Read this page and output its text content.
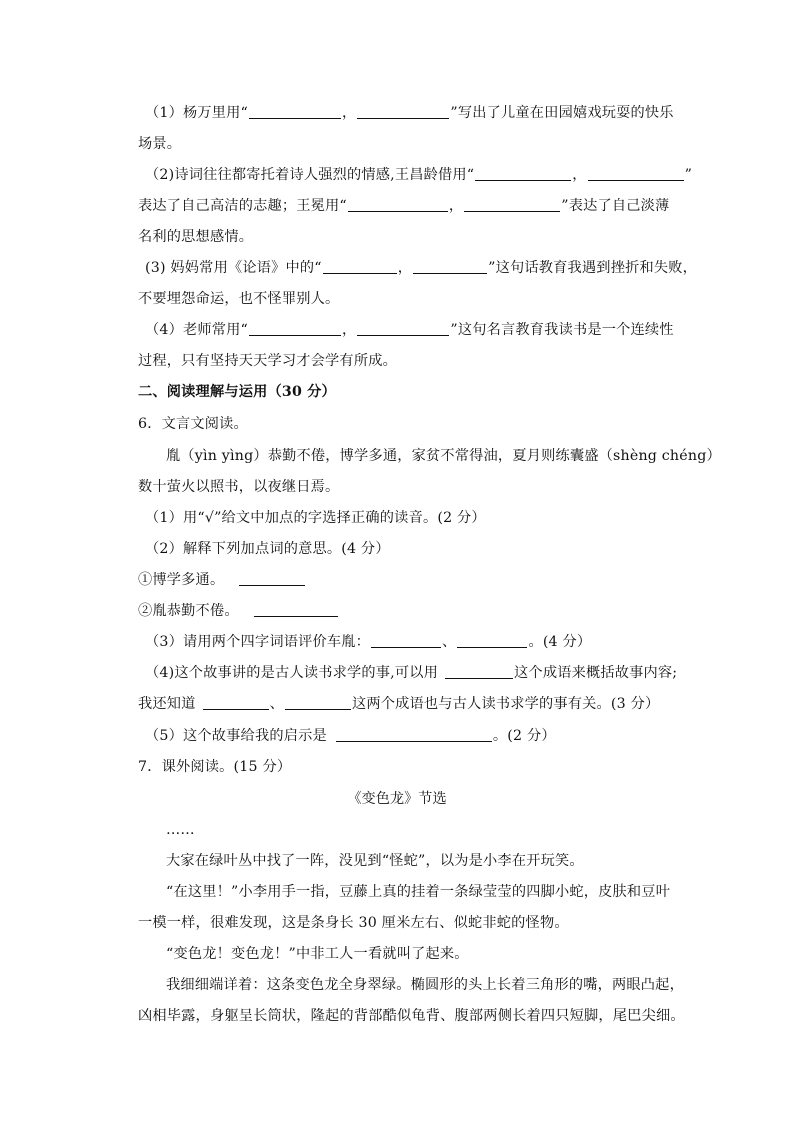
（1）杨万里用“	，	”写出了儿童在田园嬉戏玩耍的快乐
场景。
（2)诗词往往都寄托着诗人强烈的情感,王昌龄借用“	，	”
表达了自己高洁的志趣；王冕用“	，	”表达了自己淡薄
名利的思想感情。
(3) 妈妈常用《论语》中的“	，	”这句话教育我遇到挫折和失败，
不要埋怨命运，也不怪罪别人。
（4）老师常用“	，	”这句名言教育我读书是一个连续性
过程，只有坚持天天学习才会学有所成。
二、阅读理解与运用（30 分）
6．文言文阅读。
胤（yìn yìng）恭勤不倦，博学多通，家贫不常得油，夏月则练囊盛（shèng chéng）
数十萤火以照书，以夜继日焉。
（1）用“√”给文中加点的字选择正确的读音。(2 分）
（2）解释下列加点词的意思。(4 分）
①博学多通。
②胤恭勤不倦。
（3）请用两个四字词语评价车胤：	、	。(4 分）
（4)这个故事讲的是古人读书求学的事,可以用	这个成语来概括故事内容;
我还知道	、	这两个成语也与古人读书求学的事有关。(3 分）
（5）这个故事给我的启示是	。(2 分）
7．课外阅读。(15 分）
《变色龙》节选
……
大家在绿叶丛中找了一阵，没见到“怪蛇”，以为是小李在开玩笑。
“在这里！”小李用手一指，豆藤上真的挂着一条绿莹莹的四脚小蛇，皮肤和豆叶
一模一样，很难发现，这是条身长 30 厘米左右、似蛇非蛇的怪物。
“变色龙！变色龙！”中非工人一看就叫了起来。
我细细端详着：这条变色龙全身翠绿。椭圆形的头上长着三角形的嘴，两眼凸起，
凶相毕露，身躯呈长筒状，隆起的背部酷似龟背、腹部两侧长着四只短脚，尾巴尖细。
